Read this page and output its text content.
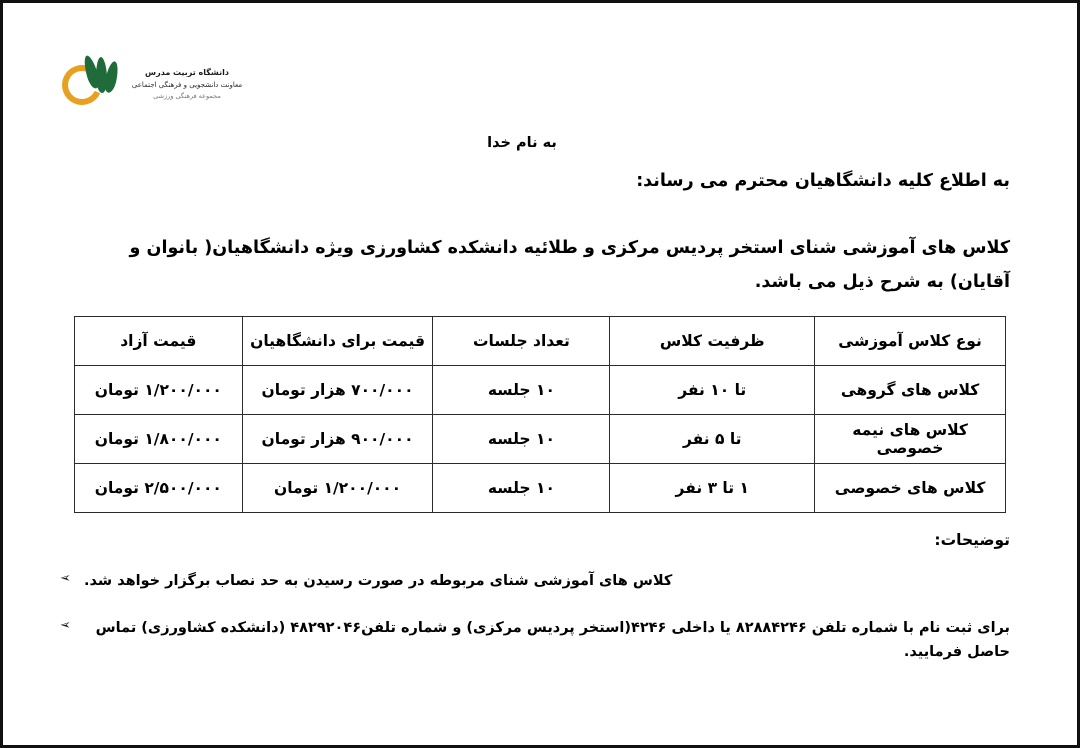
دانشگاه تربیت مدرس
معاونت دانشجویی و فرهنگی اجتماعی
مجموعه فرهنگی ورزشی
به نام خدا
به اطلاع کلیه دانشگاهیان محترم می رساند:
کلاس های آموزشی شنای استخر پردیس مرکزی و طلائیه دانشکده کشاورزی ویژه دانشگاهیان( بانوان و آقایان) به شرح ذیل می باشد.
نوع کلاس آموزشی	ظرفیت کلاس	تعداد جلسات	قیمت برای دانشگاهیان	قیمت آزاد
کلاس های گروهی	تا ۱۰ نفر	۱۰ جلسه	۷۰۰/۰۰۰ هزار تومان	۱/۲۰۰/۰۰۰ تومان
کلاس های نیمه خصوصی	تا ۵ نفر	۱۰ جلسه	۹۰۰/۰۰۰ هزار تومان	۱/۸۰۰/۰۰۰ تومان
کلاس های خصوصی	۱ تا ۳ نفر	۱۰ جلسه	۱/۲۰۰/۰۰۰ تومان	۲/۵۰۰/۰۰۰ تومان
توضیحات:
کلاس های آموزشی شنای مربوطه در صورت رسیدن به حد نصاب برگزار خواهد شد.
➢
برای ثبت نام با شماره تلفن ۸۲۸۸۴۲۴۶ یا داخلی ۴۲۴۶(استخر پردیس مرکزی) و شماره تلفن۴۸۲۹۲۰۴۶ (دانشکده کشاورزی) تماس حاصل فرمایید.
➢
